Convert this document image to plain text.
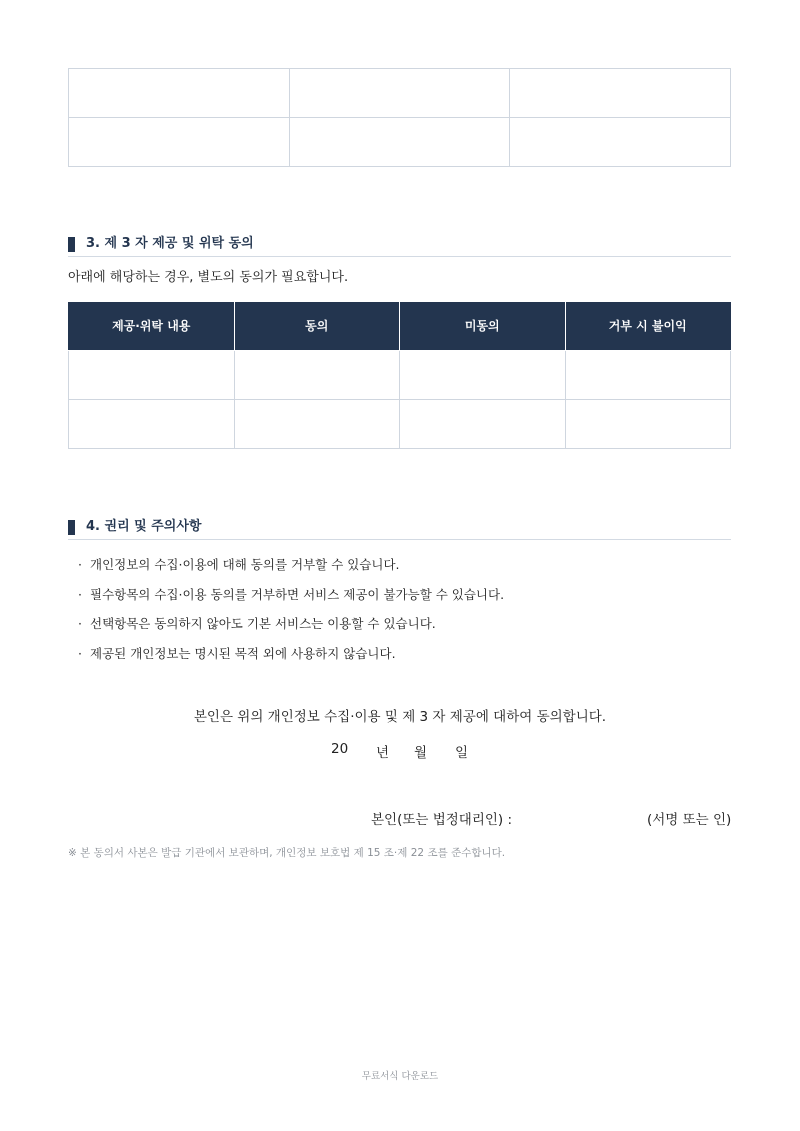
3. 제 3 자 제공 및 위탁 동의
아래에 해당하는 경우, 별도의 동의가 필요합니다.
제공·위탁 내용	동의	미동의	거부 시 불이익

4. 권리 및 주의사항
· 개인정보의 수집·이용에 대해 동의를 거부할 수 있습니다.
· 필수항목의 수집·이용 동의를 거부하면 서비스 제공이 불가능할 수 있습니다.
· 선택항목은 동의하지 않아도 기본 서비스는 이용할 수 있습니다.
· 제공된 개인정보는 명시된 목적 외에 사용하지 않습니다.
본인은 위의 개인정보 수집·이용 및 제 3 자 제공에 대하여 동의합니다.
20 년 월 일
본인(또는 법정대리인) :	(서명 또는 인)
※ 본 동의서 사본은 발급 기관에서 보관하며, 개인정보 보호법 제 15 조·제 22 조를 준수합니다.
무료서식 다운로드
